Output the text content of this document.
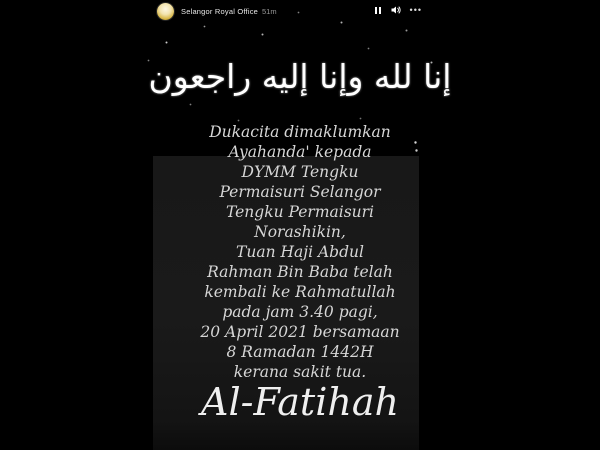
Selangor Royal Office 51m	•••
إنا لله وإنا إليه راجعون
Dukacita dimaklumkan
Ayahanda' kepada
DYMM Tengku
Permaisuri Selangor
Tengku Permaisuri
Norashikin,
Tuan Haji Abdul
Rahman Bin Baba telah
kembali ke Rahmatullah
pada jam 3.40 pagi,
20 April 2021 bersamaan
8 Ramadan 1442H
kerana sakit tua.
Al-Fatihah
